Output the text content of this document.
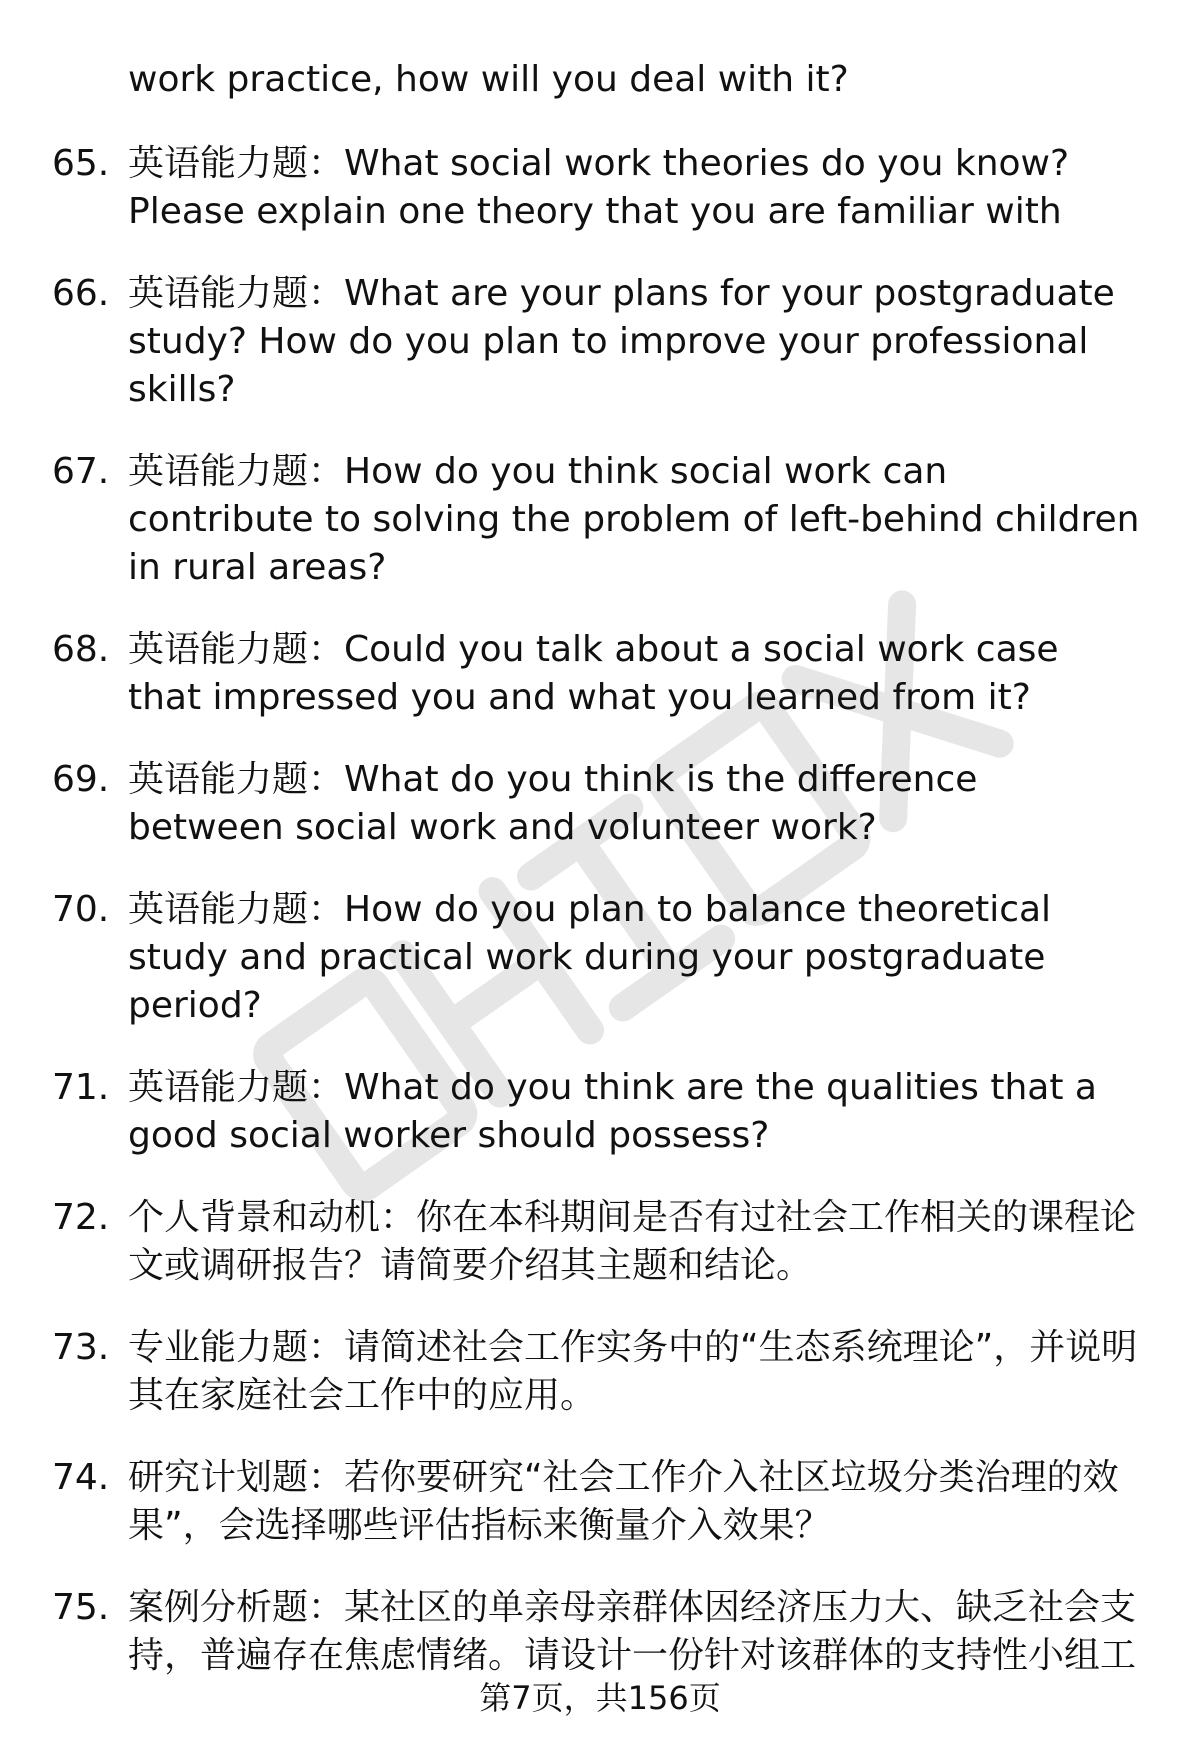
work practice, how will you deal with it?

65. 英语能力题：What social work theories do you know? Please explain one theory that you are familiar with
66. 英语能力题：What are your plans for your postgraduate study? How do you plan to improve your professional skills?
67. 英语能力题：How do you think social work can contribute to solving the problem of left-behind children in rural areas?
68. 英语能力题：Could you talk about a social work case that impressed you and what you learned from it?
69. 英语能力题：What do you think is the difference between social work and volunteer work?
70. 英语能力题：How do you plan to balance theoretical study and practical work during your postgraduate period?
71. 英语能力题：What do you think are the qualities that a good social worker should possess?
72. 个人背景和动机：你在本科期间是否有过社会工作相关的课程论文或调研报告？请简要介绍其主题和结论。
73. 专业能力题：请简述社会工作实务中的“生态系统理论”，并说明其在家庭社会工作中的应用。
74. 研究计划题：若你要研究“社会工作介入社区垃圾分类治理的效果”，会选择哪些评估指标来衡量介入效果？
75. 案例分析题：某社区的单亲母亲群体因经济压力大、缺乏社会支持，普遍存在焦虑情绪。请设计一份针对该群体的支持性小组工
第7页，共156页
